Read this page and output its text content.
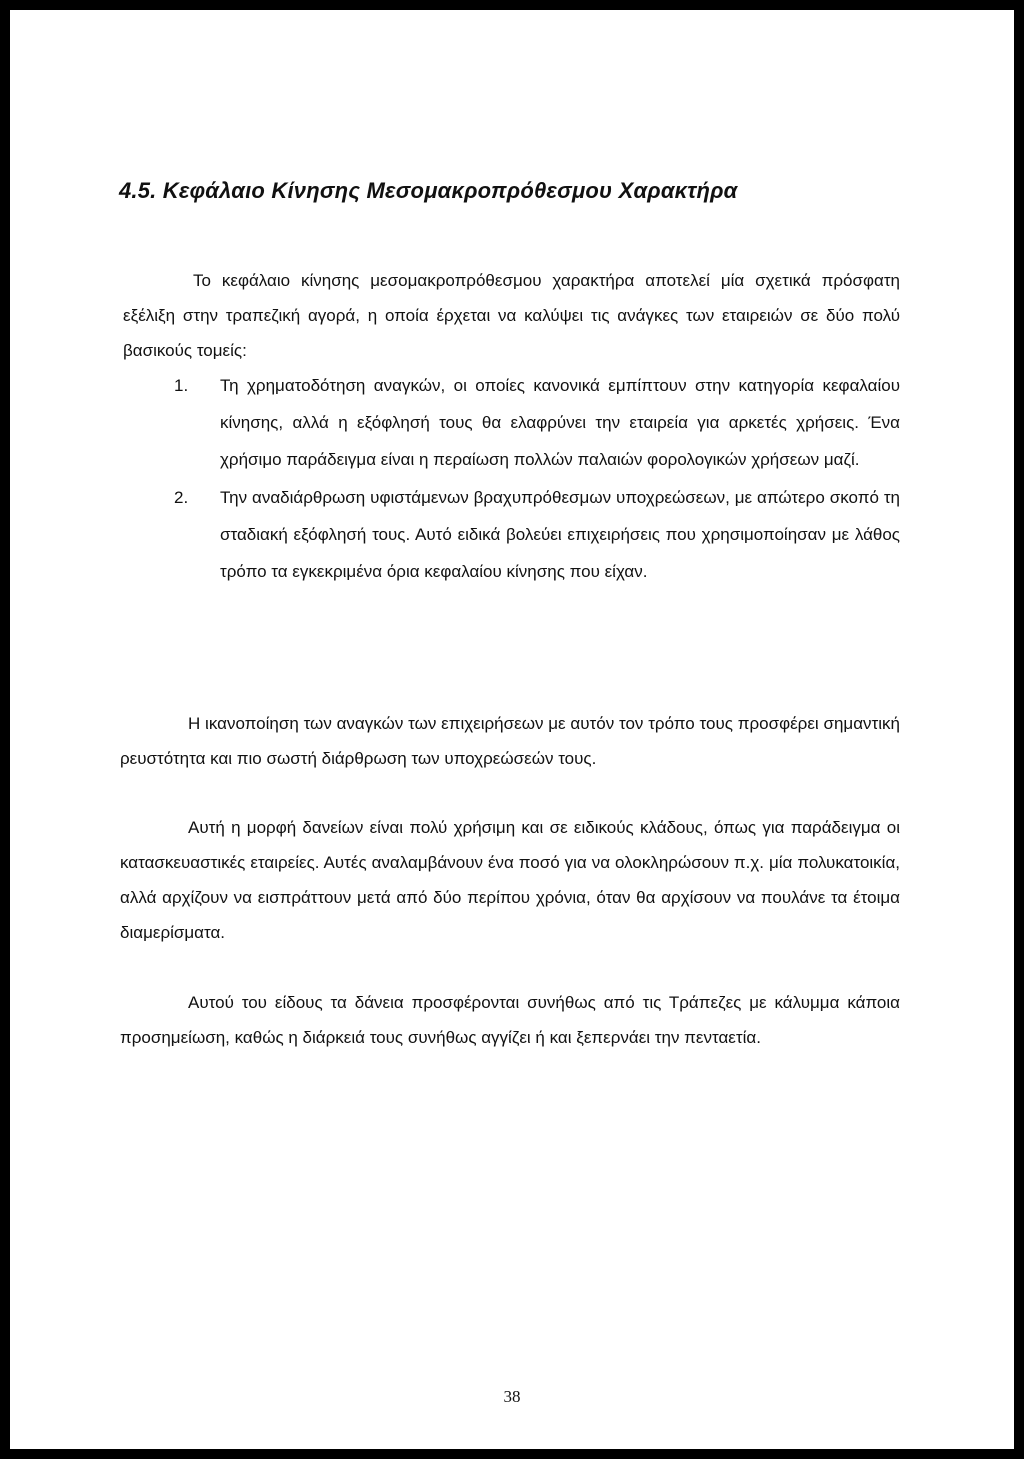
4.5. Κεφάλαιο Κίνησης Μεσομακροπρόθεσμου Χαρακτήρα

Το κεφάλαιο κίνησης μεσομακροπρόθεσμου χαρακτήρα αποτελεί μία σχετικά πρόσφατη εξέλιξη στην τραπεζική αγορά, η οποία έρχεται να καλύψει τις ανάγκες των εταιρειών σε δύο πολύ βασικούς τομείς:

1. Τη χρηματοδότηση αναγκών, οι οποίες κανονικά εμπίπτουν στην κατηγορία κεφαλαίου κίνησης, αλλά η εξόφλησή τους θα ελαφρύνει την εταιρεία για αρκετές χρήσεις. Ένα χρήσιμο παράδειγμα είναι η περαίωση πολλών παλαιών φορολογικών χρήσεων μαζί.
2. Την αναδιάρθρωση υφιστάμενων βραχυπρόθεσμων υποχρεώσεων, με απώτερο σκοπό τη σταδιακή εξόφλησή τους. Αυτό ειδικά βολεύει επιχειρήσεις που χρησιμοποίησαν με λάθος τρόπο τα εγκεκριμένα όρια κεφαλαίου κίνησης που είχαν.

Η ικανοποίηση των αναγκών των επιχειρήσεων με αυτόν τον τρόπο τους προσφέρει σημαντική ρευστότητα και πιο σωστή διάρθρωση των υποχρεώσεών τους.

Αυτή η μορφή δανείων είναι πολύ χρήσιμη και σε ειδικούς κλάδους, όπως για παράδειγμα οι κατασκευαστικές εταιρείες. Αυτές αναλαμβάνουν ένα ποσό για να ολοκληρώσουν π.χ. μία πολυκατοικία, αλλά αρχίζουν να εισπράττουν μετά από δύο περίπου χρόνια, όταν θα αρχίσουν να πουλάνε τα έτοιμα διαμερίσματα.

Αυτού του είδους τα δάνεια προσφέρονται συνήθως από τις Τράπεζες με κάλυμμα κάποια προσημείωση, καθώς η διάρκειά τους συνήθως αγγίζει ή και ξεπερνάει την πενταετία.

38
